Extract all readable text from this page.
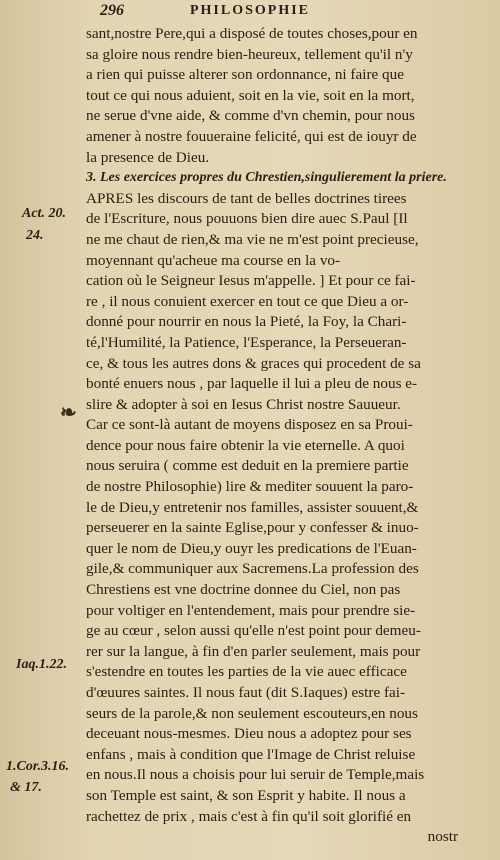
296	PHILOSOPHIE
Act. 20.
24.
❧
Iaq.1.22.
1.Cor.3.16.
& 17.
sant,nostre Pere,qui a disposé de toutes choses,pour en
sa gloire nous rendre bien-heureux, tellement qu'il n'y
a rien qui puisse alterer son ordonnance, ni faire que
tout ce qui nous aduient, soit en la vie, soit en la mort,
ne serue d'vne aide, & comme d'vn chemin, pour nous
amener à nostre fouueraine felicité, qui est de iouyr de
la presence de Dieu.
3. Les exercices propres du Chrestien,singulierement la priere.
APRES les discours de tant de belles doctrines tirees
de l'Escriture, nous pouuons bien dire auec S.Paul [Il
ne me chaut de rien,& ma vie ne m'est point precieuse,
moyennant qu'acheue ma course en la vo-
cation où le Seigneur Iesus m'appelle. ] Et pour ce fai-
re , il nous conuient exercer en tout ce que Dieu a or-
donné pour nourrir en nous la Pieté, la Foy, la Chari-
té,l'Humilité, la Patience, l'Esperance, la Perseueran-
ce, & tous les autres dons & graces qui procedent de sa
bonté enuers nous , par laquelle il lui a pleu de nous e-
slire & adopter à soi en Iesus Christ nostre Sauueur.
Car ce sont-là autant de moyens disposez en sa Proui-
dence pour nous faire obtenir la vie eternelle. A quoi
nous seruira ( comme est deduit en la premiere partie
de nostre Philosophie) lire & mediter souuent la paro-
le de Dieu,y entretenir nos familles, assister souuent,&
perseuerer en la sainte Eglise,pour y confesser & inuo-
quer le nom de Dieu,y ouyr les predications de l'Euan-
gile,& communiquer aux Sacremens.La profession des
Chrestiens est vne doctrine donnee du Ciel, non pas
pour voltiger en l'entendement, mais pour prendre sie-
ge au cœur , selon aussi qu'elle n'est point pour demeu-
rer sur la langue, à fin d'en parler seulement, mais pour
s'estendre en toutes les parties de la vie auec efficace
d'œuures saintes. Il nous faut (dit S.Iaques) estre fai-
seurs de la parole,& non seulement escouteurs,en nous
deceuant nous-mesmes. Dieu nous a adoptez pour ses
enfans , mais à condition que l'Image de Christ reluise
en nous.Il nous a choisis pour lui seruir de Temple,mais
son Temple est saint, & son Esprit y habite. Il nous a
rachettez de prix , mais c'est à fin qu'il soit glorifié en
nostr
